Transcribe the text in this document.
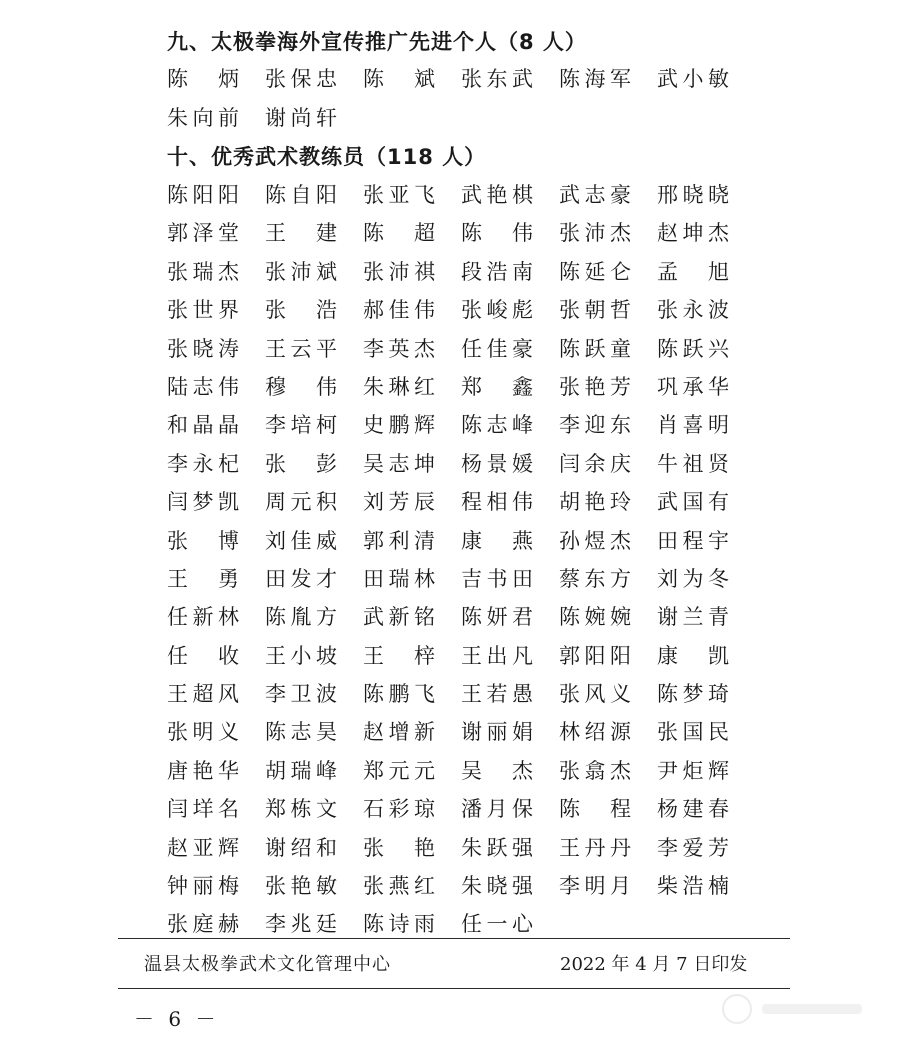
九、太极拳海外宣传推广先进个人（8 人）
陈　炳	张保忠	陈　斌	张东武	陈海军	武小敏
朱向前	谢尚轩
十、优秀武术教练员（118 人）
陈阳阳	陈自阳	张亚飞	武艳棋	武志豪	邢晓晓
郭泽堂	王　建	陈　超	陈　伟	张沛杰	赵坤杰
张瑞杰	张沛斌	张沛祺	段浩南	陈延仑	孟　旭
张世界	张　浩	郝佳伟	张峻彪	张朝哲	张永波
张晓涛	王云平	李英杰	任佳豪	陈跃童	陈跃兴
陆志伟	穆　伟	朱琳红	郑　鑫	张艳芳	巩承华
和晶晶	李培柯	史鹏辉	陈志峰	李迎东	肖喜明
李永杞	张　彭	吴志坤	杨景媛	闫余庆	牛祖贤
闫梦凯	周元积	刘芳辰	程相伟	胡艳玲	武国有
张　博	刘佳威	郭利清	康　燕	孙煜杰	田程宇
王　勇	田发才	田瑞林	吉书田	蔡东方	刘为冬
任新林	陈胤方	武新铭	陈妍君	陈婉婉	谢兰青
任　收	王小坡	王　梓	王出凡	郭阳阳	康　凯
王超风	李卫波	陈鹏飞	王若愚	张风义	陈梦琦
张明义	陈志昊	赵增新	谢丽娟	林绍源	张国民
唐艳华	胡瑞峰	郑元元	吴　杰	张翕杰	尹炬辉
闫垟名	郑栋文	石彩琼	潘月保	陈　程	杨建春
赵亚辉	谢绍和	张　艳	朱跃强	王丹丹	李爱芳
钟丽梅	张艳敏	张燕红	朱晓强	李明月	柴浩楠
张庭赫	李兆廷	陈诗雨	任一心
温县太极拳武术文化管理中心	2022 年 4 月 7 日印发
－ 6 －
